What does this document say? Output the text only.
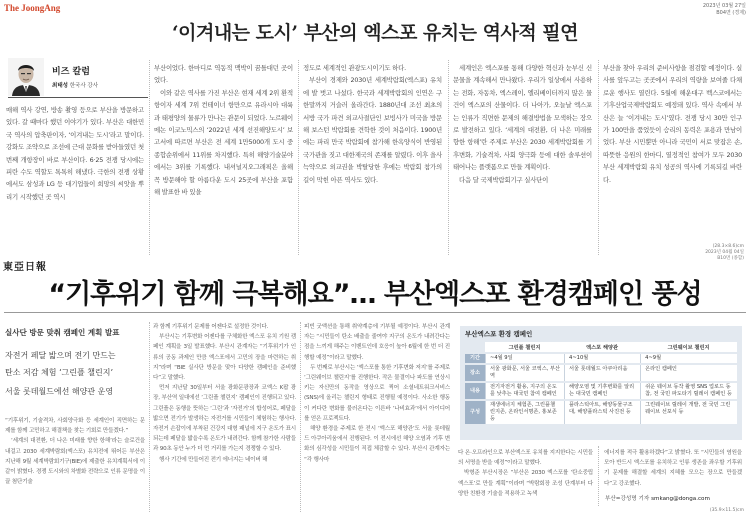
The JoongAng	2023년 03월 27일
B04면 (경제)
‘이겨내는 도시’ 부산의 엑스포 유치는 역사적 필연
비즈 칼럼
최태성 한국사 강사

매해 역사 강연, 방송 촬영 등으로 부산을 방문하고 있다. 갈 때마다 했던 이야기가 있다. 부산은 대한민국 역사의 압축판이자, ‘이겨내는 도시’라고 말이다. 강화도 조약으로 조선에 근대 문화를 받아들였던 첫 번째 개항장이 바로 부산이다. 6·25 전쟁 당시에는 피란 수도 역할도 톡톡히 해냈다. 극한의 전쟁 상황에서도 삼성과 LG 등 대기업들이 희망의 씨앗을 뿌리기 시작했던 곳 역시

부산이었다. 한마디로 역동적 맥박이 꿈틀대던 곳이었다.

이와 같은 역사를 가진 부산은 현재 세계 2위 환적항이자 세계 7위 컨테이너 항만으로 유라시아 대륙과 태평양의 물류가 만나는 관문이 되었다. 노르웨이 메논 이코노믹스의 ‘2022년 세계 선진해양도시’ 보고서에 따르면 부산은 전 세계 1만5000개 도시 중 종합순위에서 11위를 차지했다. 특히 해양기술분야에서는 3위를 기록했다. 내셔널지오그래픽은 올해 꼭 방문해야 할 아름다운 도시 25곳에 부산을 포함해 발표한 바 있을

정도로 세계적인 관광도시이기도 하다.

부산이 경제와 2030년 세계박람회(엑스포) 유치에 발 벗고 나섰다. 한국과 세계박람회의 인연은 구한말까지 거슬러 올라간다. 1880년대 조선 최초의 서방 국가 파견 외교사절단인 보빙사가 미국을 방문해 보스턴 박람회를 견학한 것이 처음이다. 1900년에는 파리 만국 박람회에 참가해 한옥양식이 반영된 국가관을 짓고 대한제국의 존재를 알렸다. 이후 을사늑약으로 외교권을 박탈당한 후에는 박람회 참가의 길이 막힌 아픈 역사도 있다.

세계인은 엑스포를 통해 다양한 혁신과 눈부신 신문물을 계속해서 만나왔다. 우리가 일상에서 사용하는 전화, 자동차, 엑스레이, 엘리베이터까지 많은 물건이 엑스포의 산물이다. 더 나아가, 오늘날 엑스포는 인류가 직면한 문제의 해결방법을 모색하는 장으로 발전하고 있다. ‘세계의 대전환, 더 나은 미래를 향한 항해’란 주제로 부산은 2030 세계박람회를 기후변화, 기술격차, 사회 양극화 등에 대한 솔루션이 태어나는 플랫폼으로 만들 계획이다.

다음 달 국제박람회기구 실사단이

부산을 찾아 우리의 준비사항을 점검할 예정이다. 실사를 앞두고는 곳곳에서 우리의 역량을 보여줄 다채로운 행사도 열린다. 5월에 해운대구 벡스코에서는 기후산업국제박람회도 예정돼 있다. 역사 속에서 부산은 늘 ‘이겨내는 도시’였다. 전쟁 당시 30만 인구가 100만을 품었듯이 승리의 동력은 포용과 만남이었다. 부산 시민뿐만 아니라 국민이 서로 맞잡은 손, 따뜻한 응원의 한마디, 열정적인 참여가 모두 2030 부산 세계박람회 유치 성공의 역사에 기록되길 바란다.

(28.3×8.6)cm
2023년 04월 04일
B10면 (종합)
東亞日報
“기후위기 함께 극복해요”… 부산엑스포 환경캠페인 풍성
실사단 방문 맞춰 캠페인 계획 발표
자전거 페달 밟으며 전기 만드는
탄소 저감 체험 ‘그린플 챌린지’
서울 롯데월드에선 해양관 운영

“기후위기, 기술격차, 사회양극화 등 세계인이 직면하는 문제를 함께 고민하고 해결책을 찾는 기회로 만들겠다.”

‘세계의 대전환, 더 나은 미래를 향한 항해’라는 슬로건을 내걸고 2030 세계박람회(엑스포) 유치전에 뛰어든 부산은 지난해 9월 세계박람회기구(BIE)에 제출한 유치계획서에 이같이 밝혔다. 경쟁 도시와의 차별화 전략으로 인류 문명을 이끌 첨단기술

과 함께 기후위기 문제를 어젠다로 설정한 것이다.

부산시는 기후변화 어젠다를 구체화한 엑스포 유치 기원 캠페인 계획을 3일 발표했다. 부산시 관계자는 “기후위기가 인류의 공동 과제인 만큼 엑스포에서 고민의 장을 마련하는 취지”라며 “BIE 실사단 방문을 맞아 다양한 캠페인을 준비했다”고 말했다.

먼저 지난달 30일부터 서울 광화문광장과 코엑스 K팝 광장, 부산역 일대에선 ‘그린플 챌린지’ 캠페인이 진행되고 있다. 그린플은 동행을 뜻하는 ‘그린’과 ‘자전거’의 합성어로, 페달을 밟으면 전기가 발생하는 자전거를 시민들이 체험하는 행사다. 자전거 손잡이에 부착된 건강지 대형 패널에 지구 온도가 표시되는데 페달을 밟을수록 온도가 내려간다. 함께 참가한 사람들과 90초 동안 누가 더 먼 거리를 가는지 경쟁할 수 있다.

행사 기간에 만들어진 전기 에너지는 네이버 해

피빈 굿액션을 통해 취약계층에 기부될 예정이다. 부산시 관계자는 “시민들이 탄소 배출을 줄여야 지구의 온도가 내려간다는 점을 느끼게 해주는 이벤트인데 호응이 높아 6월에 한 번 더 진행할 예정”이라고 말했다.

두 번째로 부산시는 ‘엑스포를 통한 기후변화 저지’를 주제로 ‘그린웨이브 챌린지’를 진행한다. 작은 물결이나 파도를 연상시키는 자신만의 동작을 영상으로 찍어 소셜네트워크서비스(SNS)에 올리는 챌린지 형태로 진행될 예정이다. 사소한 행동이 커다란 변화를 불러온다는 이른바 ‘나비효과’에서 아이디어를 얻은 프로젝트다.

해양 환경을 주제로 한 전시 ‘엑스포 해양관’도 서울 롯데월드 아쿠아리움에서 진행된다. 이 전시에선 해양 오염과 기후 변화의 심각성을 시민들이 직접 체감할 수 있다. 부산시 관계자는 “각 행사마

부산엑스포 환경 캠페인
	그린플 챌린지	엑스포 해양관	그린웨이브 챌린지
기간	~4월 9일	4~10월	4~9월
장소	서울 광화문, 서울 코엑스, 부산역	서울 롯데월드 아쿠아리움	온라인 캠페인
내용	전기자전거 활용, 지구의 온도를 낮추는 대국민 참여 캠페인	해양오염 및 기후변화를 알리는 대국민 캠페인	쉬운 웨이브 동작 촬영 SNS 업로드 동참, 전 국민 파도타기 릴레이 캠페인 등
구성	재생에너지 체험존, 그린플챌린지존, 온라인서명존, 홍보존 등	플라스틱아트, 해양동물구조대, 해양플라스틱 사진전 등	그린웨이브 릴레이 개발, 전 국민 그린웨이브 선포식 등

다 온·오프라인으로 부산엑스포 유치를 지지한다는 시민들의 서명을 받을 예정”이라고 말했다.

박형준 부산시장은 “부산은 2030 엑스포를 ‘탄소중립 엑스포’로 만들 계획”이라며 “박람회장 조성 단계부터 다양한 친환경 기술을 적용하고 녹색

에너지를 적극 활용하겠다”고 밝혔다. 또 “시민들의 염원을 모아 반드시 엑스포를 유치하고 인류 생존을 좌우할 기후위기 문제를 해결할 세계의 지혜를 모으는 장으로 만들겠다”고 강조했다.

부산=강성명 기자 smkang@donga.com
(35.9×11.5)cm
